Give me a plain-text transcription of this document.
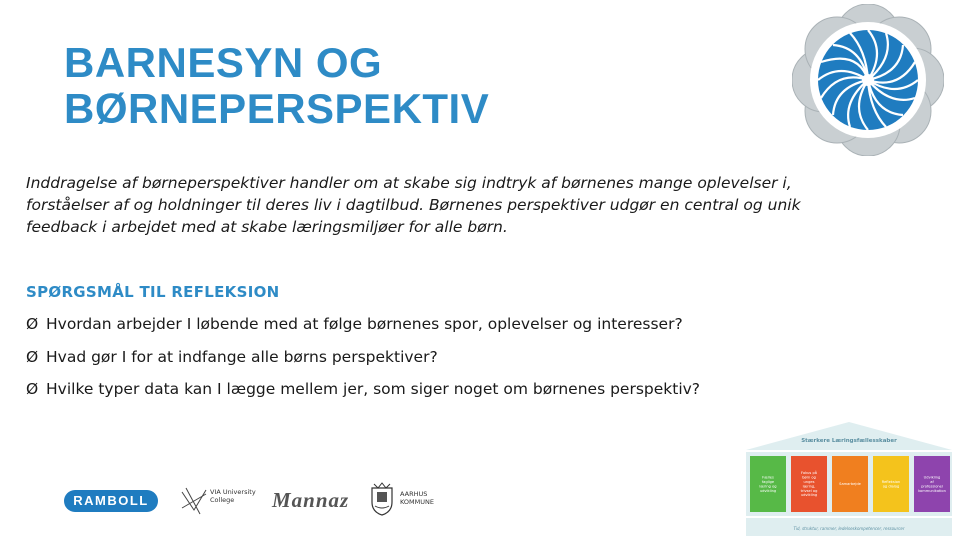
BARNESYN OG
BØRNEPERSPEKTIV

Inddragelse af børneperspektiver handler om at skabe sig indtryk af børnenes mange oplevelser i, forståelser af og holdninger til deres liv i dagtilbud. Børnenes perspektiver udgør en central og unik feedback i arbejdet med at skabe læringsmiljøer for alle børn.

SPØRGSMÅL TIL REFLEKSION
Ø Hvordan arbejder I løbende med at følge børnenes spor, oplevelser og interesser?
Ø Hvad gør I for at indfange alle børns perspektiver?
Ø Hvilke typer data kan I lægge mellem jer, som siger noget om børnenes perspektiv?
RAMBOLL
VIA University College	Mannaz	AARHUS KOMMUNE
Stærkere Læringsfællesskaber
Fælles faglige læring og udvikling
Fokus på børn og unges læring, trivsel og udvikling
Samarbejde
Refleksion og dialog
Udvikling af professionel kommunikation
Tid, struktur, rammer, ledelseskompetencer, ressourcer
